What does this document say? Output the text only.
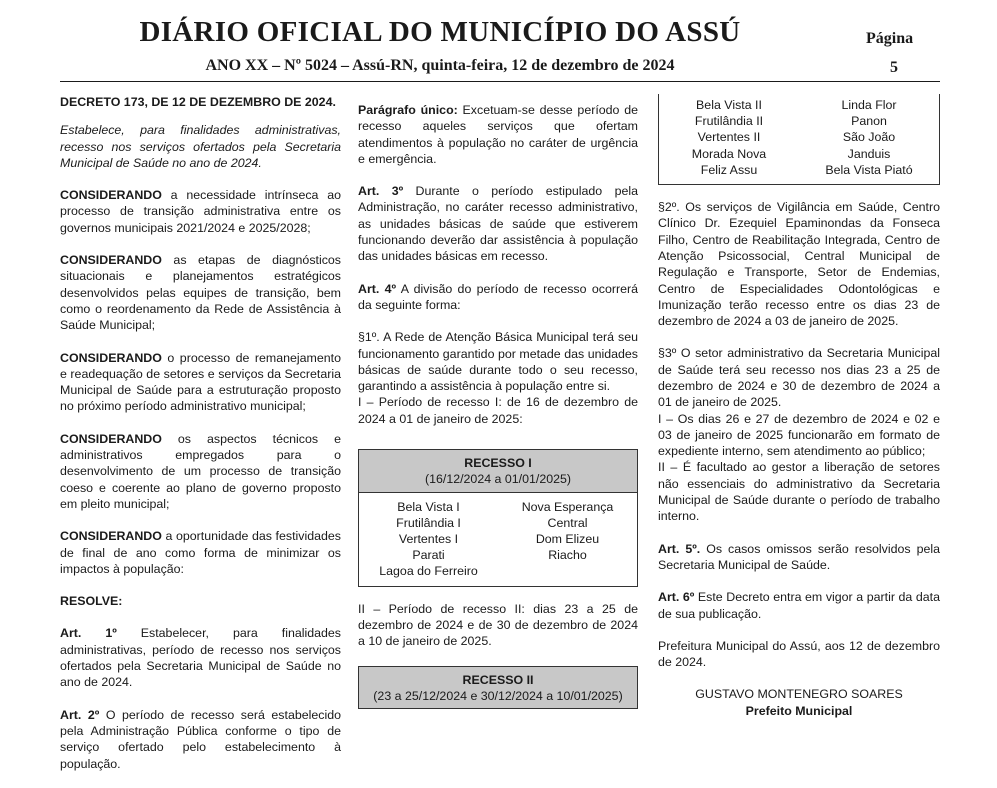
DIÁRIO OFICIAL DO MUNICÍPIO DO ASSÚ
ANO XX – Nº 5024 – Assú-RN, quinta-feira, 12 de dezembro de 2024
Página
5

DECRETO 173, DE 12 DE DEZEMBRO DE 2024.

Estabelece, para finalidades administrativas, recesso nos serviços ofertados pela Secretaria Municipal de Saúde no ano de 2024.

CONSIDERANDO a necessidade intrínseca ao processo de transição administrativa entre os governos municipais 2021/2024 e 2025/2028;

CONSIDERANDO as etapas de diagnósticos situacionais e planejamentos estratégicos desenvolvidos pelas equipes de transição, bem como o reordenamento da Rede de Assistência à Saúde Municipal;

CONSIDERANDO o processo de remanejamento e readequação de setores e serviços da Secretaria Municipal de Saúde para a estruturação proposto no próximo período administrativo municipal;

CONSIDERANDO os aspectos técnicos e administrativos empregados para o desenvolvimento de um processo de transição coeso e coerente ao plano de governo proposto em pleito municipal;

CONSIDERANDO a oportunidade das festividades de final de ano como forma de minimizar os impactos à população:

RESOLVE:

Art. 1º Estabelecer, para finalidades administrativas, período de recesso nos serviços ofertados pela Secretaria Municipal de Saúde no ano de 2024.

Art. 2º O período de recesso será estabelecido pela Administração Pública conforme o tipo de serviço ofertado pelo estabelecimento à população.

Parágrafo único: Excetuam-se desse período de recesso aqueles serviços que ofertam atendimentos à população no caráter de urgência e emergência.

Art. 3º Durante o período estipulado pela Administração, no caráter recesso administrativo, as unidades básicas de saúde que estiverem funcionando deverão dar assistência à população das unidades básicas em recesso.

Art. 4º A divisão do período de recesso ocorrerá da seguinte forma:

§1º. A Rede de Atenção Básica Municipal terá seu funcionamento garantido por metade das unidades básicas de saúde durante todo o seu recesso, garantindo a assistência à população entre si.
I – Período de recesso I: de 16 de dezembro de 2024 a 01 de janeiro de 2025:

RECESSO I
(16/12/2024 a 01/01/2025)
Bela Vista I
Frutilândia I
Vertentes I
Parati
Lagoa do Ferreiro
Nova Esperança
Central
Dom Elizeu
Riacho

II – Período de recesso II: dias 23 a 25 de dezembro de 2024 e de 30 de dezembro de 2024 a 10 de janeiro de 2025.

RECESSO II
(23 a 25/12/2024 e 30/12/2024 a 10/01/2025)
Bela Vista II
Frutilândia II
Vertentes II
Morada Nova
Feliz Assu
Linda Flor
Panon
São João
Janduis
Bela Vista Piató

§2º. Os serviços de Vigilância em Saúde, Centro Clínico Dr. Ezequiel Epaminondas da Fonseca Filho, Centro de Reabilitação Integrada, Centro de Atenção Psicossocial, Central Municipal de Regulação e Transporte, Setor de Endemias, Centro de Especialidades Odontológicas e Imunização terão recesso entre os dias 23 de dezembro de 2024 a 03 de janeiro de 2025.

§3º O setor administrativo da Secretaria Municipal de Saúde terá seu recesso nos dias 23 a 25 de dezembro de 2024 e 30 de dezembro de 2024 a 01 de janeiro de 2025.
I – Os dias 26 e 27 de dezembro de 2024 e 02 e 03 de janeiro de 2025 funcionarão em formato de expediente interno, sem atendimento ao público;
II – É facultado ao gestor a liberação de setores não essenciais do administrativo da Secretaria Municipal de Saúde durante o período de trabalho interno.

Art. 5º. Os casos omissos serão resolvidos pela Secretaria Municipal de Saúde.

Art. 6º Este Decreto entra em vigor a partir da data de sua publicação.

Prefeitura Municipal do Assú, aos 12 de dezembro de 2024.

GUSTAVO MONTENEGRO SOARES
Prefeito Municipal
